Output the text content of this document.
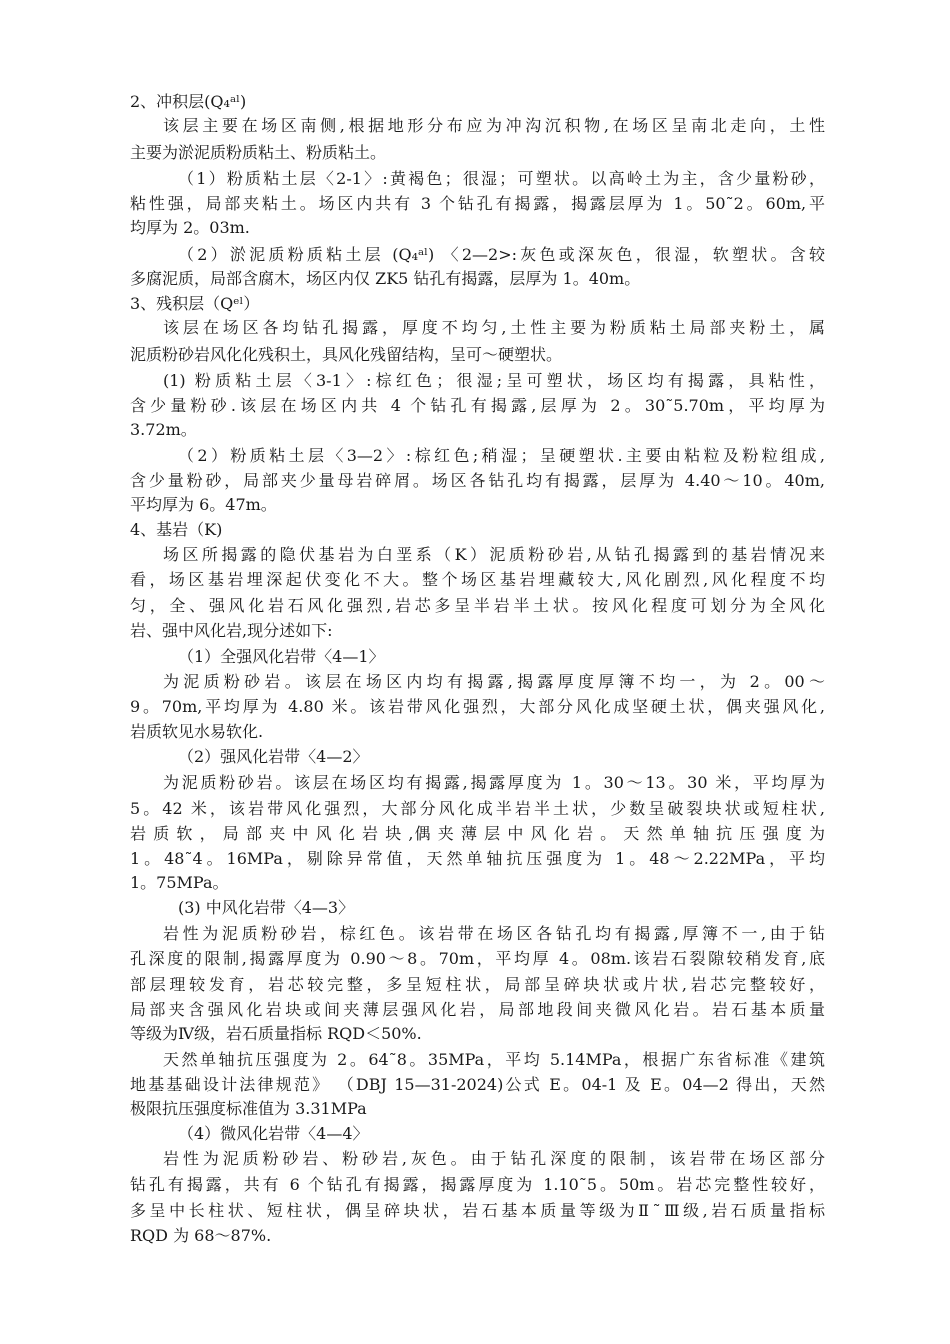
2、冲积层(Q₄ᵃˡ)
该层主要在场区南侧,根据地形分布应为冲沟沉积物,在场区呈南北走向，土性
主要为淤泥质粉质粘土、粉质粘土。
（1）粉质粘土层〈2-1〉:黄褐色；很湿；可塑状。以高岭土为主，含少量粉砂，
粘性强，局部夹粘土。场区内共有 3 个钻孔有揭露，揭露层厚为 1。50˜2。60m,平
均厚为 2。03m.
（2）淤泥质粉质粘土层 (Q₄ᵃˡ) 〈2—2>:灰色或深灰色，很湿，软塑状。含较
多腐泥质，局部含腐木，场区内仅 ZK5 钻孔有揭露，层厚为 1。40m。
3、残积层（Qᵉˡ）
该层在场区各均钻孔揭露，厚度不均匀,土性主要为粉质粘土局部夹粉土，属
泥质粉砂岩风化化残积土，具风化残留结构，呈可～硬塑状。
(1) 粉质粘土层〈3-1〉:棕红色；很湿;呈可塑状，场区均有揭露，具粘性，
含少量粉砂.该层在场区内共 4 个钻孔有揭露,层厚为 2。30˜5.70m，平均厚为
3.72m。
（2）粉质粘土层〈3—2〉:棕红色;稍湿；呈硬塑状.主要由粘粒及粉粒组成,
含少量粉砂，局部夹少量母岩碎屑。场区各钻孔均有揭露，层厚为 4.40～10。40m,
平均厚为 6。47m。
4、基岩（K)
场区所揭露的隐伏基岩为白垩系（K）泥质粉砂岩,从钻孔揭露到的基岩情况来
看，场区基岩埋深起伏变化不大。整个场区基岩埋藏较大,风化剧烈,风化程度不均
匀，全、强风化岩石风化强烈,岩芯多呈半岩半土状。按风化程度可划分为全风化
岩、强中风化岩,现分述如下:
（1）全强风化岩带〈4—1〉
为泥质粉砂岩。该层在场区内均有揭露,揭露厚度厚簿不均一，为 2。00～
9。70m,平均厚为 4.80 米。该岩带风化强烈，大部分风化成坚硬土状，偶夹强风化,
岩质软见水易软化.
（2）强风化岩带〈4—2〉
为泥质粉砂岩。该层在场区均有揭露,揭露厚度为 1。30～13。30 米，平均厚为
5。42 米，该岩带风化强烈，大部分风化成半岩半土状，少数呈破裂块状或短柱状,
岩 质 软 ， 局 部 夹 中 风 化 岩 块 ,偶 夹 薄 层 中 风 化 岩 。 天 然 单 轴 抗 压 强 度 为
1。48˜4。16MPa，剔除异常值，天然单轴抗压强度为 1。48～2.22MPa，平均
1。75MPa。
(3) 中风化岩带〈4—3〉
岩性为泥质粉砂岩，棕红色。该岩带在场区各钻孔均有揭露,厚簿不一,由于钻
孔深度的限制,揭露厚度为 0.90～8。70m，平均厚 4。08m.该岩石裂隙较稍发育,底
部层理较发育，岩芯较完整，多呈短柱状，局部呈碎块状或片状,岩芯完整较好，
局部夹含强风化岩块或间夹薄层强风化岩，局部地段间夹微风化岩。岩石基本质量
等级为Ⅳ级，岩石质量指标 RQD＜50%.
天然单轴抗压强度为 2。64˜8。35MPa，平均 5.14MPa，根据广东省标准《建筑
地基基础设计法律规范》 （DBJ 15—31-2024)公式 E。04-1 及 E。04—2 得出，天然
极限抗压强度标准值为 3.31MPa
（4）微风化岩带〈4—4〉
岩性为泥质粉砂岩、粉砂岩,灰色。由于钻孔深度的限制，该岩带在场区部分
钻孔有揭露，共有 6 个钻孔有揭露，揭露厚度为 1.10˜5。50m。岩芯完整性较好，
多呈中长柱状、短柱状，偶呈碎块状，岩石基本质量等级为Ⅱ˜Ⅲ级,岩石质量指标
RQD 为 68～87%.
